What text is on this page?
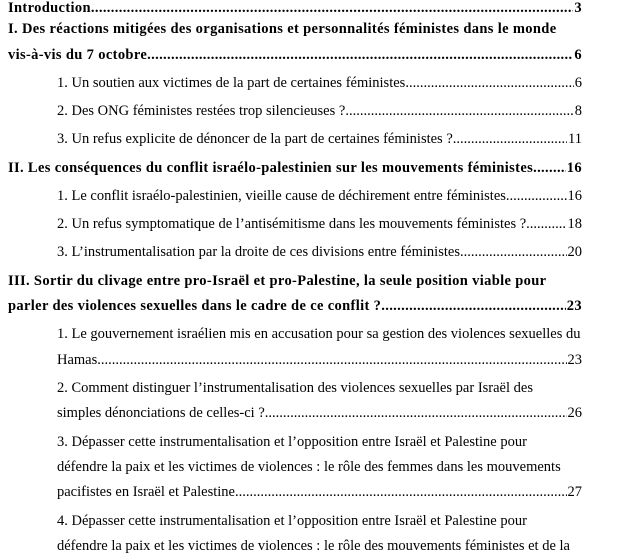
Introduction .....	3
I. Des réactions mitigées des organisations et personnalités féministes dans le monde
vis-à-vis du 7 octobre .....	6
1. Un soutien aux victimes de la part de certaines féministes .....	6
2. Des ONG féministes restées trop silencieuses ? .....	8
3. Un refus explicite de dénoncer de la part de certaines féministes ? .....	11
II. Les conséquences du conflit israélo-palestinien sur les mouvements féministes ..... 16
1. Le conflit israélo-palestinien, vieille cause de déchirement entre féministes .....	16
2. Un refus symptomatique de l’antisémitisme dans les mouvements féministes ? .....	18
3. L’instrumentalisation par la droite de ces divisions entre féministes .....	20
III. Sortir du clivage entre pro-Israël et pro-Palestine, la seule position viable pour
parler des violences sexuelles dans le cadre de ce conflit ? .....	23
1. Le gouvernement israélien mis en accusation pour sa gestion des violences sexuelles du
Hamas .....	23
2. Comment distinguer l’instrumentalisation des violences sexuelles par Israël des
simples dénonciations de celles-ci ? .....	26
3. Dépasser cette instrumentalisation et l’opposition entre Israël et Palestine pour
défendre la paix et les victimes de violences : le rôle des femmes dans les mouvements
pacifistes en Israël et Palestine .....	27
4. Dépasser cette instrumentalisation et l’opposition entre Israël et Palestine pour
défendre la paix et les victimes de violences : le rôle des mouvements féministes et de la
